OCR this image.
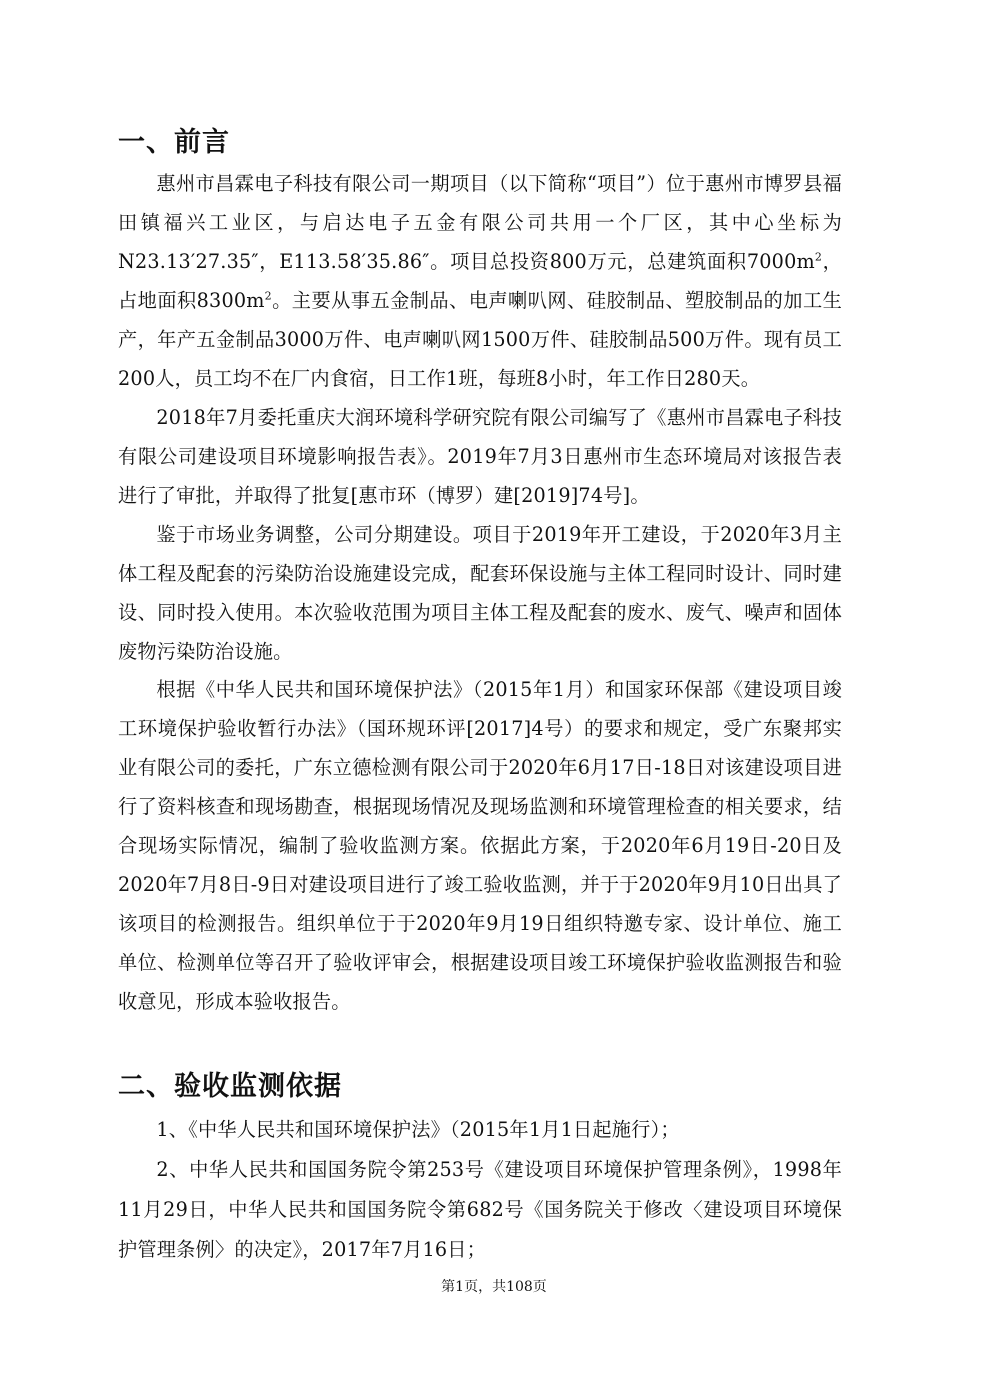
一、前言

惠州市昌霖电子科技有限公司一期项目（以下简称“项目”）位于惠州市博罗县福田镇福兴工业区，与启达电子五金有限公司共用一个厂区，其中心坐标为N23.13′27.35″，E113.58′35.86″。项目总投资800万元，总建筑面积$7000m^2$，占地面积$8300m^2$。主要从事五金制品、电声喇叭网、硅胶制品、塑胶制品的加工生产，年产五金制品3000万件、电声喇叭网1500万件、硅胶制品500万件。现有员工200人，员工均不在厂内食宿，日工作1班，每班8小时，年工作日280天。

2018年7月委托重庆大润环境科学研究院有限公司编写了《惠州市昌霖电子科技有限公司建设项目环境影响报告表》。2019年7月3日惠州市生态环境局对该报告表进行了审批，并取得了批复[惠市环（博罗）建[2019]74号]。

鉴于市场业务调整，公司分期建设。项目于2019年开工建设，于2020年3月主体工程及配套的污染防治设施建设完成，配套环保设施与主体工程同时设计、同时建设、同时投入使用。本次验收范围为项目主体工程及配套的废水、废气、噪声和固体废物污染防治设施。

根据《中华人民共和国环境保护法》（2015年1月）和国家环保部《建设项目竣工环境保护验收暂行办法》（国环规环评[2017]4号）的要求和规定，受广东聚邦实业有限公司的委托，广东立德检测有限公司于2020年6月17日-18日对该建设项目进行了资料核查和现场勘查，根据现场情况及现场监测和环境管理检查的相关要求，结合现场实际情况，编制了验收监测方案。依据此方案，于2020年6月19日-20日及2020年7月8日-9日对建设项目进行了竣工验收监测，并于于2020年9月10日出具了该项目的检测报告。组织单位于于2020年9月19日组织特邀专家、设计单位、施工单位、检测单位等召开了验收评审会，根据建设项目竣工环境保护验收监测报告和验收意见，形成本验收报告。

二、验收监测依据

1、《中华人民共和国环境保护法》（2015年1月1日起施行）；

2、中华人民共和国国务院令第253号《建设项目环境保护管理条例》，1998年11月29日，中华人民共和国国务院令第682号《国务院关于修改〈建设项目环境保护管理条例〉的决定》，2017年7月16日；

第1页，共108页
